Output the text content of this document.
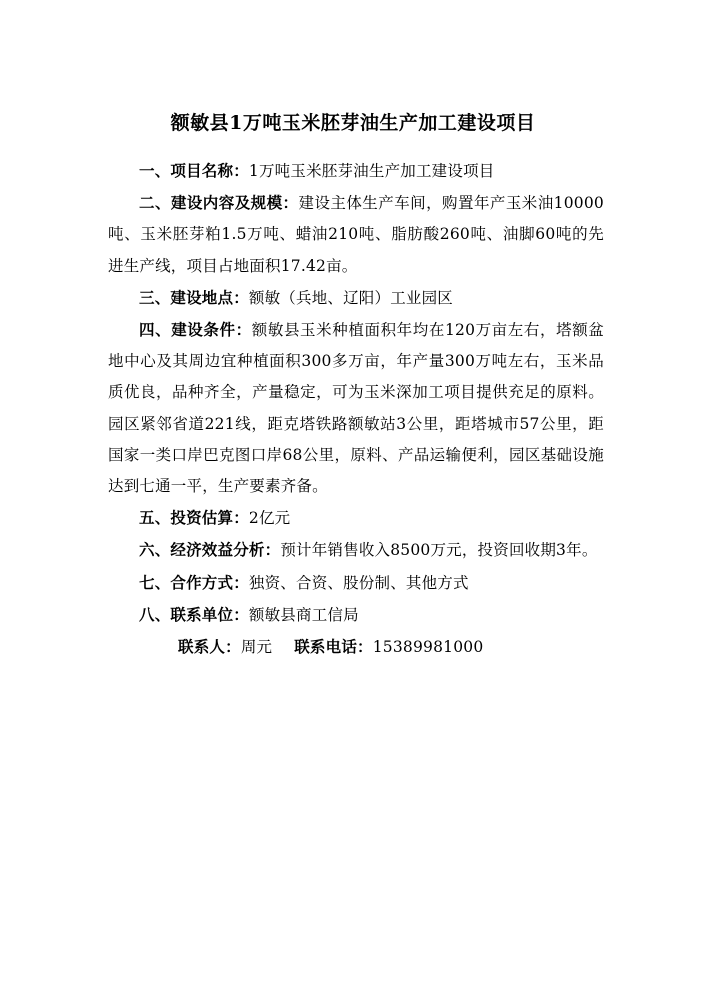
额敏县1万吨玉米胚芽油生产加工建设项目

一、项目名称：1万吨玉米胚芽油生产加工建设项目

二、建设内容及规模：建设主体生产车间，购置年产玉米油10000吨、玉米胚芽粕1.5万吨、蜡油210吨、脂肪酸260吨、油脚60吨的先进生产线，项目占地面积17.42亩。

三、建设地点：额敏（兵地、辽阳）工业园区

四、建设条件：额敏县玉米种植面积年均在120万亩左右，塔额盆地中心及其周边宜种植面积300多万亩，年产量300万吨左右，玉米品质优良，品种齐全，产量稳定，可为玉米深加工项目提供充足的原料。园区紧邻省道221线，距克塔铁路额敏站3公里，距塔城市57公里，距国家一类口岸巴克图口岸68公里，原料、产品运输便利，园区基础设施达到七通一平，生产要素齐备。

五、投资估算：2亿元

六、经济效益分析：预计年销售收入8500万元，投资回收期3年。

七、合作方式：独资、合资、股份制、其他方式

八、联系单位：额敏县商工信局

联系人：周元 联系电话：15389981000
